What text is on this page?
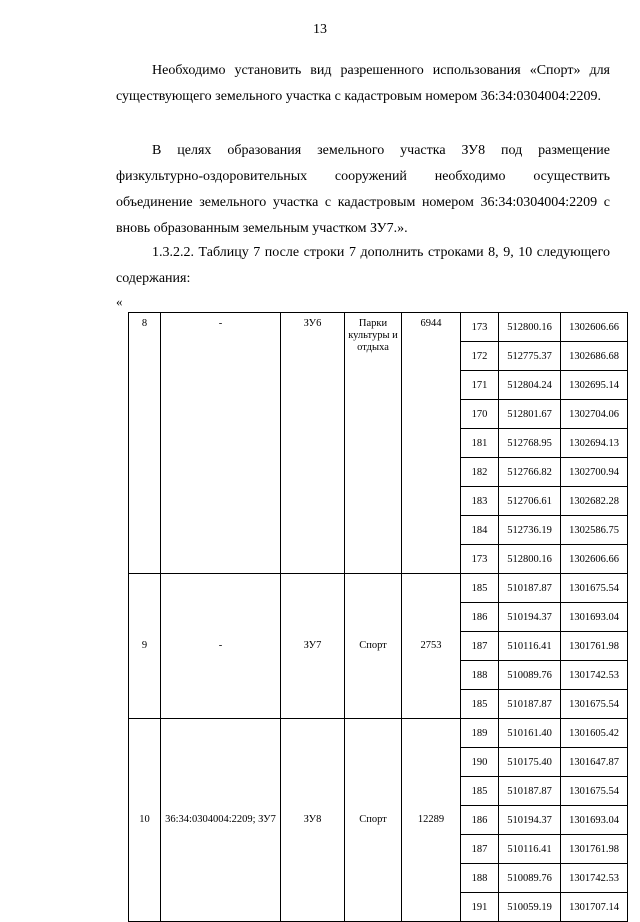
13

Необходимо установить вид разрешенного использования «Спорт» для существующего земельного участка с кадастровым номером 36:34:0304004:2209.

В целях образования земельного участка ЗУ8 под размещение физкультурно-оздоровительных сооружений необходимо осуществить объединение земельного участка с кадастровым номером 36:34:0304004:2209 с вновь образованным земельным участком ЗУ7.».

1.3.2.2. Таблицу 7 после строки 7 дополнить строками 8, 9, 10 следующего содержания:

«
8	-	ЗУ6	Парки культуры и отдыха	6944	173	512800.16	1302606.66
					172	512775.37	1302686.68
					171	512804.24	1302695.14
					170	512801.67	1302704.06
					181	512768.95	1302694.13
					182	512766.82	1302700.94
					183	512706.61	1302682.28
					184	512736.19	1302586.75
					173	512800.16	1302606.66
9	-	ЗУ7	Спорт	2753	185	510187.87	1301675.54
					186	510194.37	1301693.04
					187	510116.41	1301761.98
					188	510089.76	1301742.53
					185	510187.87	1301675.54
10	36:34:0304004:2209; ЗУ7	ЗУ8	Спорт	12289	189	510161.40	1301605.42
					190	510175.40	1301647.87
					185	510187.87	1301675.54
					186	510194.37	1301693.04
					187	510116.41	1301761.98
					188	510089.76	1301742.53
					191	510059.19	1301707.14
